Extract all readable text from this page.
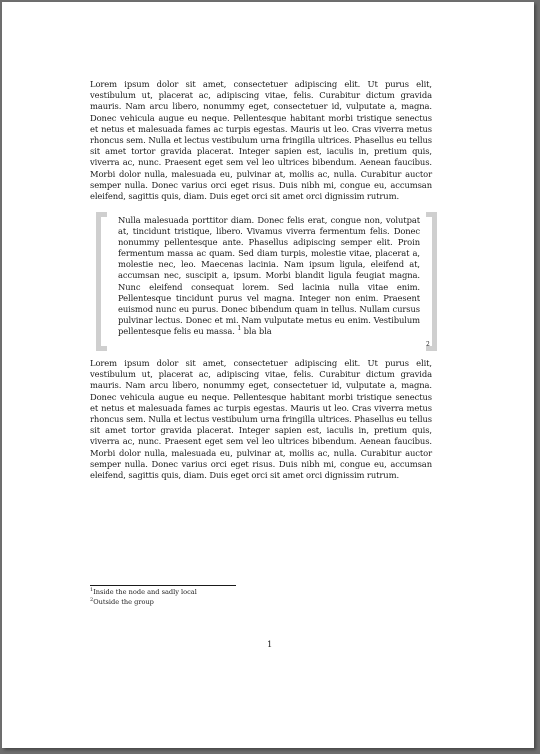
Lorem ipsum dolor sit amet, consectetuer adipiscing elit. Ut purus elit, vestibulum ut, placerat ac, adipiscing vitae, felis. Curabitur dictum gravida mauris. Nam arcu libero, nonummy eget, consectetuer id, vulputate a, magna. Donec vehicula augue eu neque. Pellentesque habitant morbi tristique senectus et netus et malesuada fames ac turpis egestas. Mauris ut leo. Cras viverra metus rhoncus sem. Nulla et lectus vestibulum urna fringilla ultrices. Phasellus eu tellus sit amet tortor gravida placerat. Integer sapien est, iaculis in, pretium quis, viverra ac, nunc. Praesent eget sem vel leo ultrices bibendum. Aenean faucibus. Morbi dolor nulla, malesuada eu, pulvinar at, mollis ac, nulla. Curabitur auctor semper nulla. Donec varius orci eget risus. Duis nibh mi, congue eu, accumsan eleifend, sagittis quis, diam. Duis eget orci sit amet orci dignissim rutrum.

Nulla malesuada porttitor diam. Donec felis erat, congue non, volutpat at, tincidunt tristique, libero. Vivamus viverra fermentum felis. Donec nonummy pellentesque ante. Phasellus adipiscing semper elit. Proin fermentum massa ac quam. Sed diam turpis, molestie vitae, placerat a, molestie nec, leo. Maecenas lacinia. Nam ipsum ligula, eleifend at, accumsan nec, suscipit a, ipsum. Morbi blandit ligula feugiat magna. Nunc eleifend consequat lorem. Sed lacinia nulla vitae enim. Pellentesque tincidunt purus vel magna. Integer non enim. Praesent euismod nunc eu purus. Donec bibendum quam in tellus. Nullam cursus pulvinar lectus. Donec et mi. Nam vulputate metus eu enim. Vestibulum pellentesque felis eu massa. $^1$ bla bla

2

Lorem ipsum dolor sit amet, consectetuer adipiscing elit. Ut purus elit, vestibulum ut, placerat ac, adipiscing vitae, felis. Curabitur dictum gravida mauris. Nam arcu libero, nonummy eget, consectetuer id, vulputate a, magna. Donec vehicula augue eu neque. Pellentesque habitant morbi tristique senectus et netus et malesuada fames ac turpis egestas. Mauris ut leo. Cras viverra metus rhoncus sem. Nulla et lectus vestibulum urna fringilla ultrices. Phasellus eu tellus sit amet tortor gravida placerat. Integer sapien est, iaculis in, pretium quis, viverra ac, nunc. Praesent eget sem vel leo ultrices bibendum. Aenean faucibus. Morbi dolor nulla, malesuada eu, pulvinar at, mollis ac, nulla. Curabitur auctor semper nulla. Donec varius orci eget risus. Duis nibh mi, congue eu, accumsan eleifend, sagittis quis, diam. Duis eget orci sit amet orci dignissim rutrum.

$^1$Inside the node and sadly local
$^2$Outside the group
1
